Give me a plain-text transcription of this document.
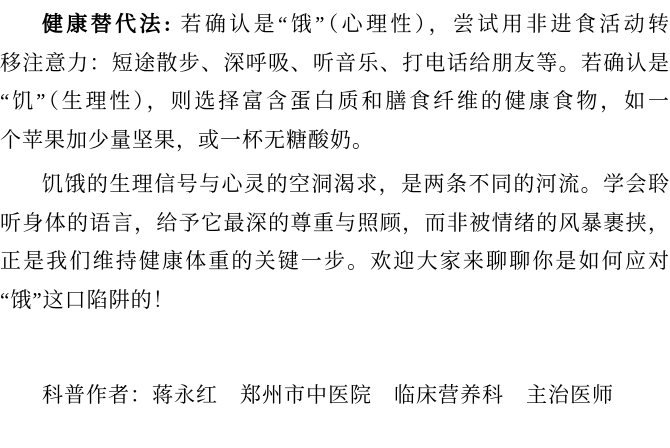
健康替代法: 若确认是“饿”（心理性），尝试用非进食活动转
移注意力：短途散步、深呼吸、听音乐、打电话给朋友等。若确认是
“饥”（生理性），则选择富含蛋白质和膳食纤维的健康食物，如一
个苹果加少量坚果，或一杯无糖酸奶。
饥饿的生理信号与心灵的空洞渴求，是两条不同的河流。学会聆
听身体的语言，给予它最深的尊重与照顾，而非被情绪的风暴裹挟，
正是我们维持健康体重的关键一步。欢迎大家来聊聊你是如何应对
“饿”这口陷阱的！
科普作者：蒋永红　郑州市中医院　临床营养科　主治医师
